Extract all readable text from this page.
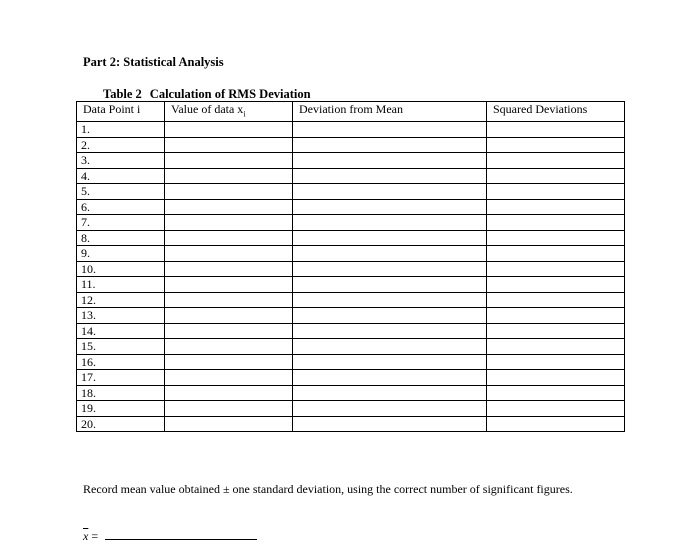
Part 2: Statistical Analysis
Table 2 Calculation of RMS Deviation
Data Point i	Value of data $x_i$	Deviation from Mean	Squared Deviations
1.			
2.			
3.			
4.			
5.			
6.			
7.			
8.			
9.			
10.			
11.			
12.			
13.			
14.			
15.			
16.			
17.			
18.			
19.			
20.			

Record mean value obtained ± one standard deviation, using the correct number of significant figures.

$\overline{x}$ =
